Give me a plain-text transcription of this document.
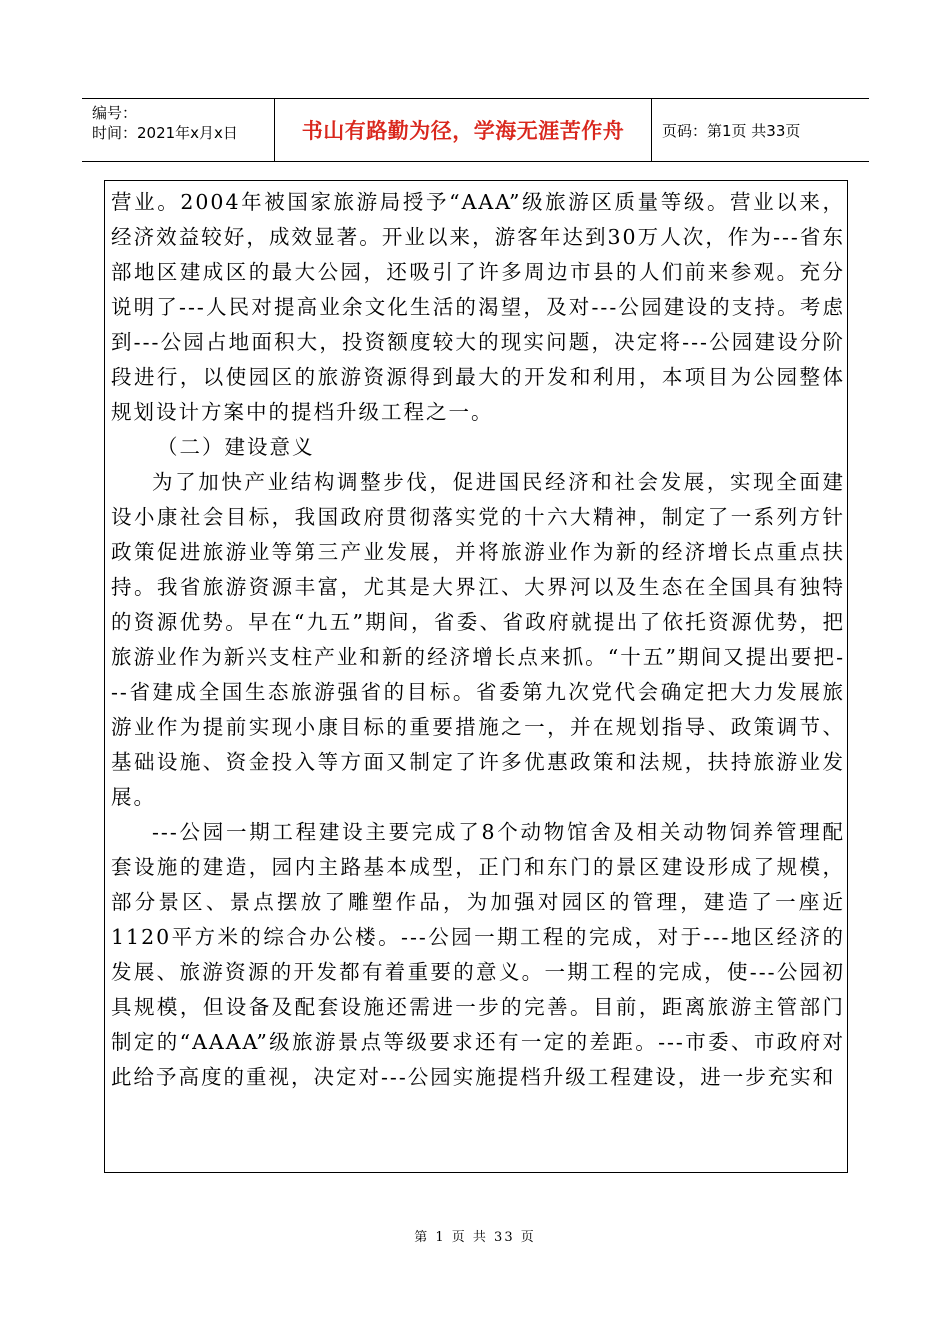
编号：
时间：2021年x月x日	书山有路勤为径，学海无涯苦作舟	页码：第1页 共33页

营业。2004年被国家旅游局授予“AAA”级旅游区质量等级。营业以来，经济效益较好，成效显著。开业以来，游客年达到30万人次，作为---省东部地区建成区的最大公园，还吸引了许多周边市县的人们前来参观。充分说明了---人民对提高业余文化生活的渴望，及对---公园建设的支持。考虑到---公园占地面积大，投资额度较大的现实问题，决定将---公园建设分阶段进行，以使园区的旅游资源得到最大的开发和利用，本项目为公园整体规划设计方案中的提档升级工程之一。

（二）建设意义

为了加快产业结构调整步伐，促进国民经济和社会发展，实现全面建设小康社会目标，我国政府贯彻落实党的十六大精神，制定了一系列方针政策促进旅游业等第三产业发展，并将旅游业作为新的经济增长点重点扶持。我省旅游资源丰富，尤其是大界江、大界河以及生态在全国具有独特的资源优势。早在“九五”期间，省委、省政府就提出了依托资源优势，把旅游业作为新兴支柱产业和新的经济增长点来抓。“十五”期间又提出要把---省建成全国生态旅游强省的目标。省委第九次党代会确定把大力发展旅游业作为提前实现小康目标的重要措施之一，并在规划指导、政策调节、基础设施、资金投入等方面又制定了许多优惠政策和法规，扶持旅游业发展。

---公园一期工程建设主要完成了8个动物馆舍及相关动物饲养管理配套设施的建造，园内主路基本成型，正门和东门的景区建设形成了规模，部分景区、景点摆放了雕塑作品，为加强对园区的管理，建造了一座近1120平方米的综合办公楼。---公园一期工程的完成，对于---地区经济的发展、旅游资源的开发都有着重要的意义。一期工程的完成，使---公园初具规模，但设备及配套设施还需进一步的完善。目前，距离旅游主管部门制定的“AAAA”级旅游景点等级要求还有一定的差距。---市委、市政府对此给予高度的重视，决定对---公园实施提档升级工程建设，进一步充实和

第 1 页 共 33 页
